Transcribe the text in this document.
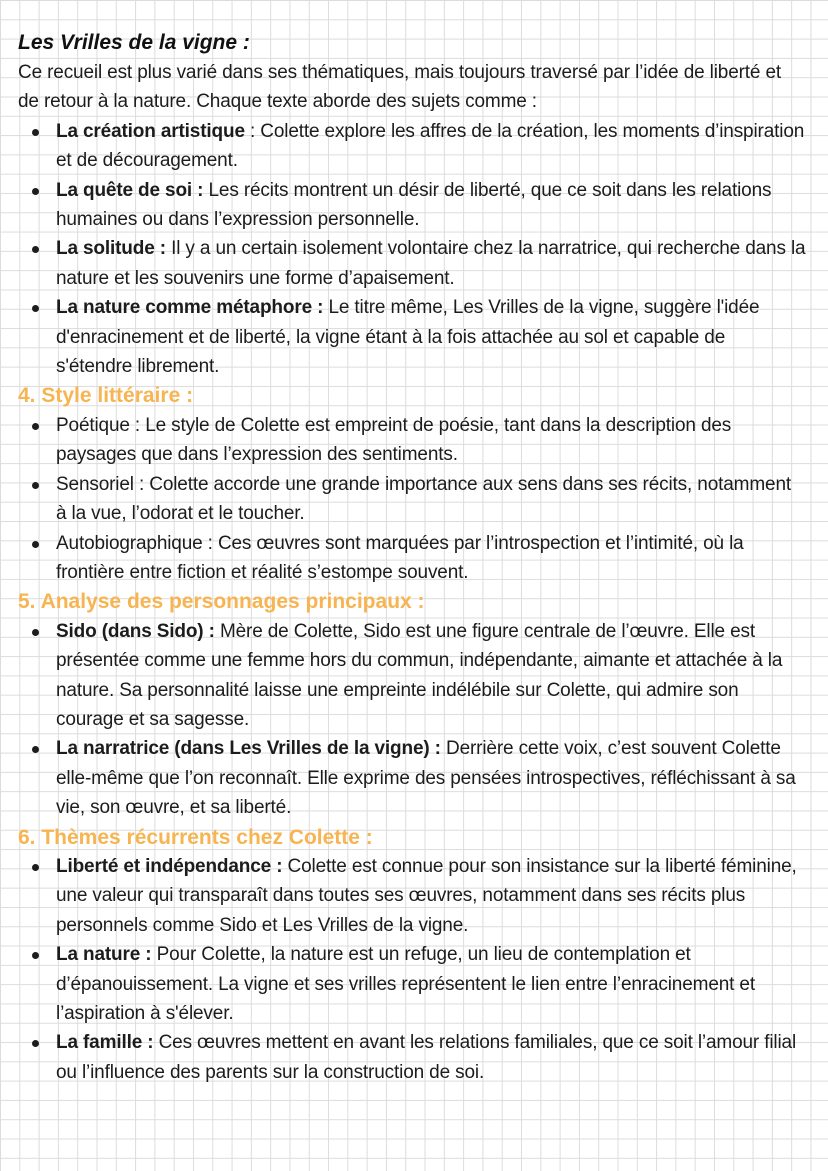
Les Vrilles de la vigne :

Ce recueil est plus varié dans ses thématiques, mais toujours traversé par l’idée de liberté et de retour à la nature. Chaque texte aborde des sujets comme :

La création artistique : Colette explore les affres de la création, les moments d’inspiration et de découragement.
La quête de soi : Les récits montrent un désir de liberté, que ce soit dans les relations humaines ou dans l’expression personnelle.
La solitude : Il y a un certain isolement volontaire chez la narratrice, qui recherche dans la nature et les souvenirs une forme d’apaisement.
La nature comme métaphore : Le titre même, Les Vrilles de la vigne, suggère l'idée d'enracinement et de liberté, la vigne étant à la fois attachée au sol et capable de s'étendre librement.
4. Style littéraire :
Poétique : Le style de Colette est empreint de poésie, tant dans la description des paysages que dans l’expression des sentiments.
Sensoriel : Colette accorde une grande importance aux sens dans ses récits, notamment à la vue, l’odorat et le toucher.
Autobiographique : Ces œuvres sont marquées par l’introspection et l’intimité, où la frontière entre fiction et réalité s’estompe souvent.
5. Analyse des personnages principaux :
Sido (dans Sido) : Mère de Colette, Sido est une figure centrale de l’œuvre. Elle est présentée comme une femme hors du commun, indépendante, aimante et attachée à la nature. Sa personnalité laisse une empreinte indélébile sur Colette, qui admire son courage et sa sagesse.
La narratrice (dans Les Vrilles de la vigne) : Derrière cette voix, c’est souvent Colette elle-même que l’on reconnaît. Elle exprime des pensées introspectives, réfléchissant à sa vie, son œuvre, et sa liberté.
6. Thèmes récurrents chez Colette :
Liberté et indépendance : Colette est connue pour son insistance sur la liberté féminine, une valeur qui transparaît dans toutes ses œuvres, notamment dans ses récits plus personnels comme Sido et Les Vrilles de la vigne.
La nature : Pour Colette, la nature est un refuge, un lieu de contemplation et d’épanouissement. La vigne et ses vrilles représentent le lien entre l’enracinement et l’aspiration à s'élever.
La famille : Ces œuvres mettent en avant les relations familiales, que ce soit l’amour filial ou l’influence des parents sur la construction de soi.
